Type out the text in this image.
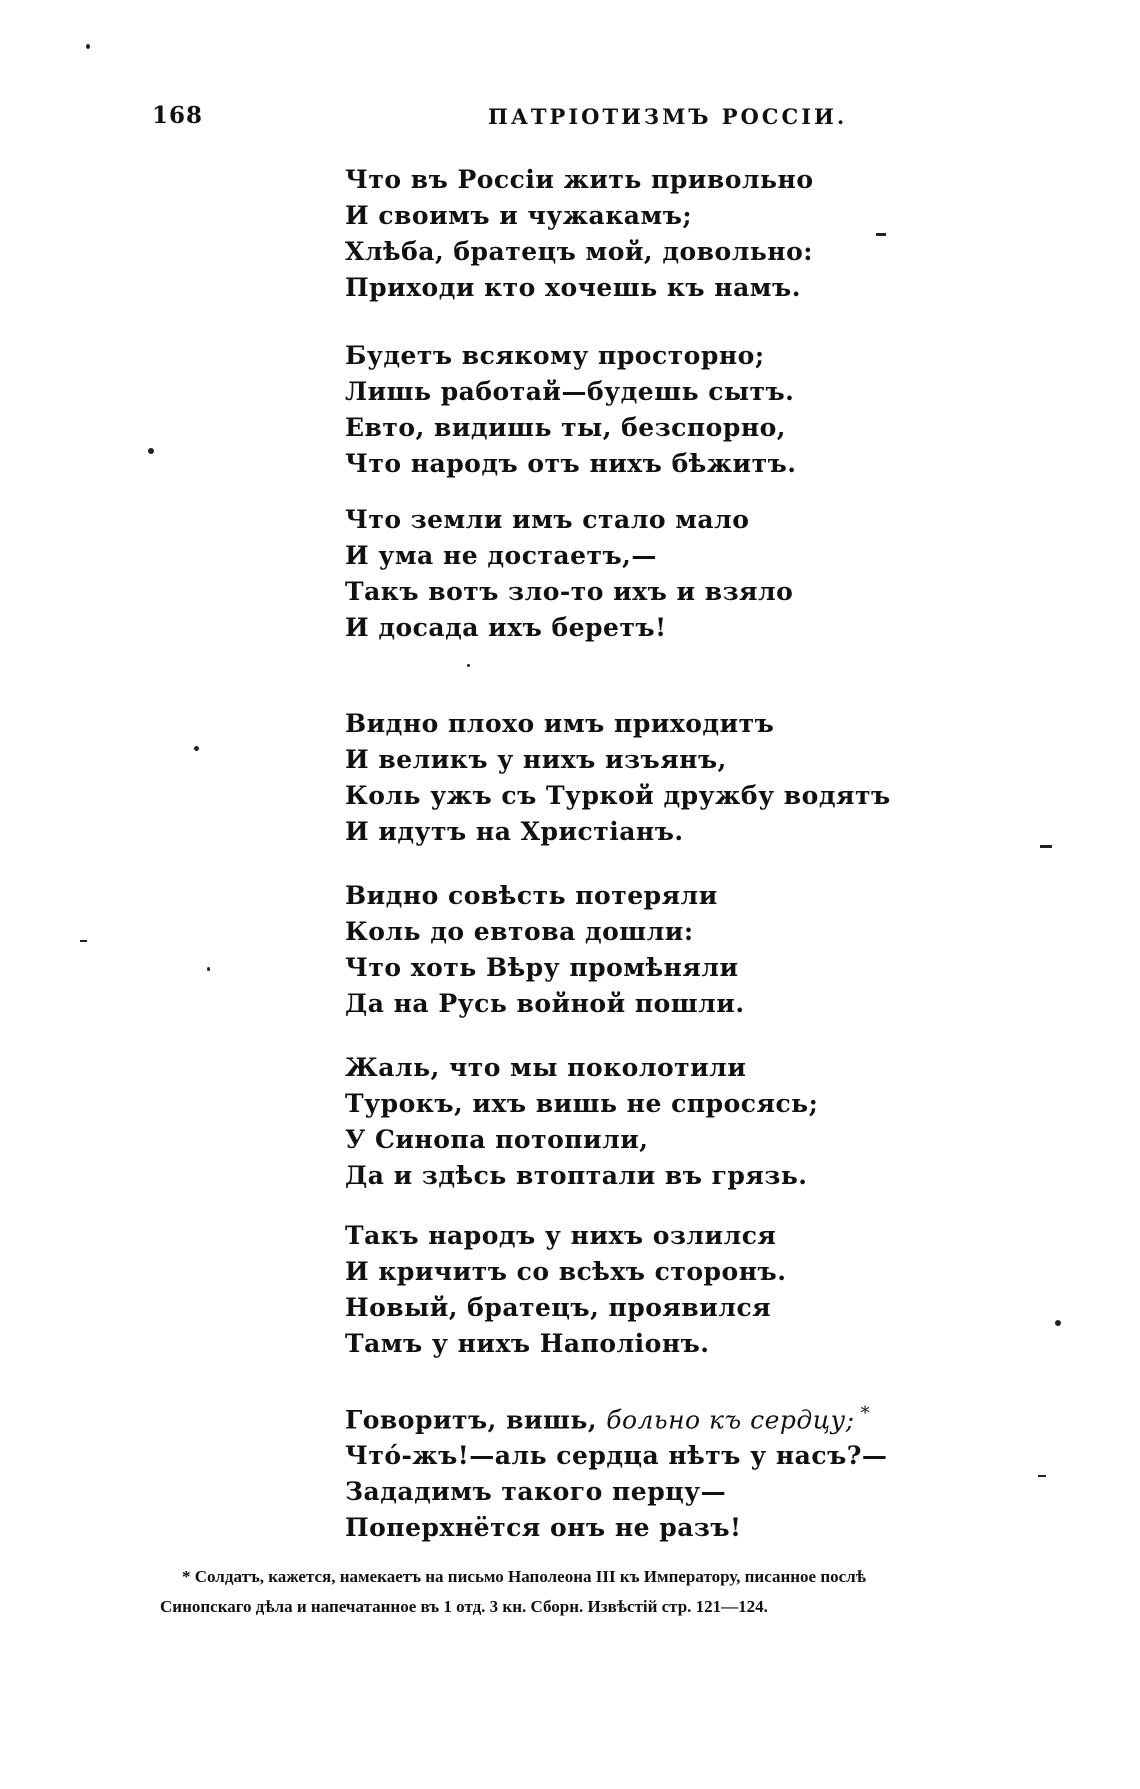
168	ПАТРІОТИЗМЪ РОССІИ.
Что въ Россіи жить привольно
И своимъ и чужакамъ;
Хлѣба, братецъ мой, довольно:
Приходи кто хочешь къ намъ.
Будетъ всякому просторно;
Лишь работай—будешь сытъ.
Евто, видишь ты, безспорно,
Что народъ отъ нихъ бѣжитъ.
Что земли имъ стало мало
И ума не достаетъ,—
Такъ вотъ зло-то ихъ и взяло
И досада ихъ беретъ!
Видно плохо имъ приходитъ
И великъ у нихъ изъянъ,
Коль ужъ съ Туркой дружбу водятъ
И идутъ на Христіанъ.
Видно совѣсть потеряли
Коль до евтова дошли:
Что хоть Вѣру промѣняли
Да на Русь войной пошли.
Жаль, что мы поколотили
Турокъ, ихъ вишь не спросясь;
У Синопа потопили,
Да и здѣсь втоптали въ грязь.
Такъ народъ у нихъ озлился
И кричитъ со всѣхъ сторонъ.
Новый, братецъ, проявился
Тамъ у нихъ Наполіонъ.
Говоритъ, вишь, больно къ сердцу; *
Чтó-жъ!—аль сердца нѣтъ у насъ?—
Зададимъ такого перцу—
Поперхнётся онъ не разъ!
* Солдатъ, кажется, намекаетъ на письмо Наполеона III къ Императору, писанное послѣ
Синопскаго дѣла и напечатанное въ 1 отд. 3 кн. Сборн. Извѣстій стр. 121—124.
